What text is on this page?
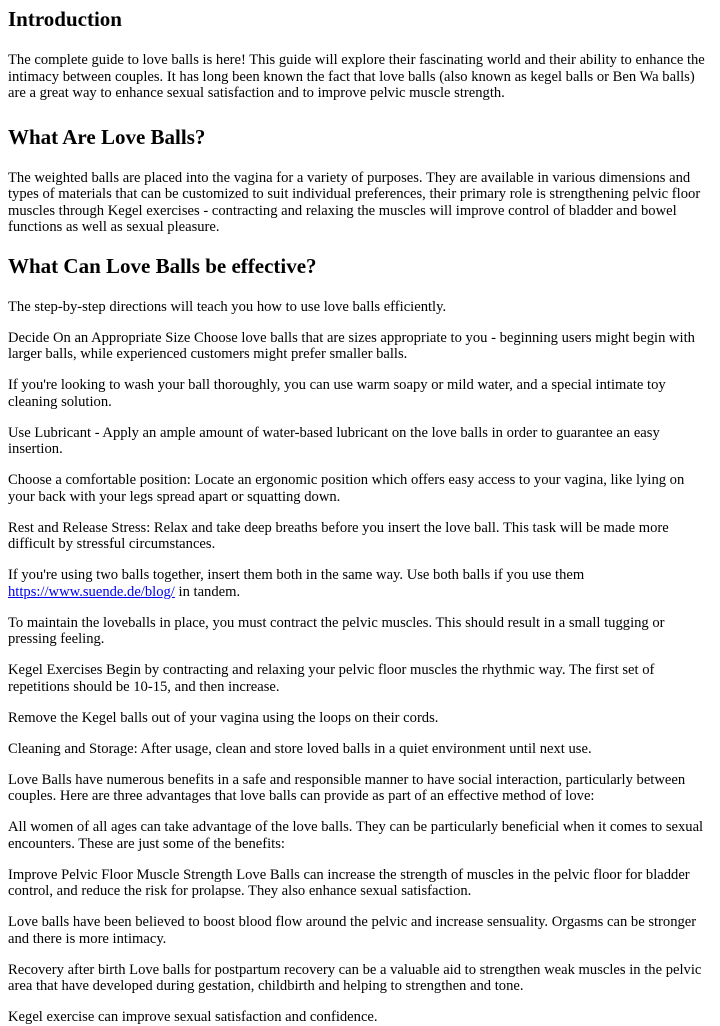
Introduction

The complete guide to love balls is here! This guide will explore their fascinating world and their ability to enhance the intimacy between couples. It has long been known the fact that love balls (also known as kegel balls or Ben Wa balls) are a great way to enhance sexual satisfaction and to improve pelvic muscle strength.

What Are Love Balls?

The weighted balls are placed into the vagina for a variety of purposes. They are available in various dimensions and types of materials that can be customized to suit individual preferences, their primary role is strengthening pelvic floor muscles through Kegel exercises - contracting and relaxing the muscles will improve control of bladder and bowel functions as well as sexual pleasure.

What Can Love Balls be effective?

The step-by-step directions will teach you how to use love balls efficiently.

Decide On an Appropriate Size Choose love balls that are sizes appropriate to you - beginning users might begin with larger balls, while experienced customers might prefer smaller balls.

If you're looking to wash your ball thoroughly, you can use warm soapy or mild water, and a special intimate toy cleaning solution.

Use Lubricant - Apply an ample amount of water-based lubricant on the love balls in order to guarantee an easy insertion.

Choose a comfortable position: Locate an ergonomic position which offers easy access to your vagina, like lying on your back with your legs spread apart or squatting down.

Rest and Release Stress: Relax and take deep breaths before you insert the love ball. This task will be made more difficult by stressful circumstances.

If you're using two balls together, insert them both in the same way. Use both balls if you use them https://www.suende.de/blog/ in tandem.

To maintain the loveballs in place, you must contract the pelvic muscles. This should result in a small tugging or pressing feeling.

Kegel Exercises Begin by contracting and relaxing your pelvic floor muscles the rhythmic way. The first set of repetitions should be 10-15, and then increase.

Remove the Kegel balls out of your vagina using the loops on their cords.

Cleaning and Storage: After usage, clean and store loved balls in a quiet environment until next use.

Love Balls have numerous benefits in a safe and responsible manner to have social interaction, particularly between couples. Here are three advantages that love balls can provide as part of an effective method of love:

All women of all ages can take advantage of the love balls. They can be particularly beneficial when it comes to sexual encounters. These are just some of the benefits:

Improve Pelvic Floor Muscle Strength Love Balls can increase the strength of muscles in the pelvic floor for bladder control, and reduce the risk for prolapse. They also enhance sexual satisfaction.

Love balls have been believed to boost blood flow around the pelvic and increase sensuality. Orgasms can be stronger and there is more intimacy.

Recovery after birth Love balls for postpartum recovery can be a valuable aid to strengthen weak muscles in the pelvic area that have developed during gestation, childbirth and helping to strengthen and tone.

Kegel exercise can improve sexual satisfaction and confidence.
